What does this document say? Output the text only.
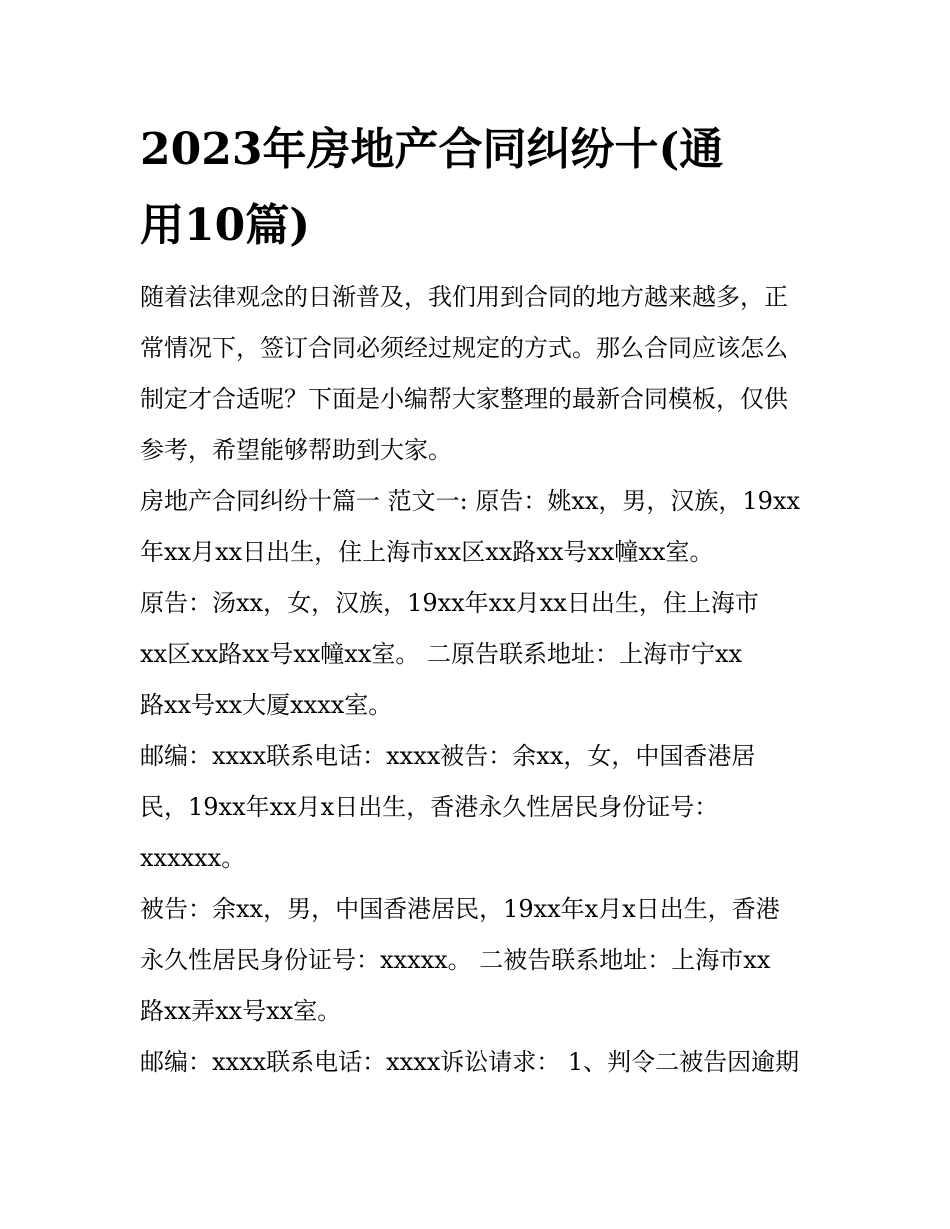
2023年房地产合同纠纷十(通
用10篇)
随着法律观念的日渐普及，我们用到合同的地方越来越多，正
常情况下，签订合同必须经过规定的方式。那么合同应该怎么
制定才合适呢？下面是小编帮大家整理的最新合同模板，仅供
参考，希望能够帮助到大家。
房地产合同纠纷十篇一 范文一: 原告：姚xx，男，汉族，19xx
年xx月xx日出生，住上海市xx区xx路xx号xx幢xx室。
原告：汤xx，女，汉族，19xx年xx月xx日出生，住上海市
xx区xx路xx号xx幢xx室。 二原告联系地址：上海市宁xx
路xx号xx大厦xxxx室。
邮编：xxxx联系电话：xxxx被告：余xx，女，中国香港居
民，19xx年xx月x日出生，香港永久性居民身份证号：
xxxxxx。
被告：余xx，男，中国香港居民，19xx年x月x日出生，香港
永久性居民身份证号：xxxxx。 二被告联系地址：上海市xx
路xx弄xx号xx室。
邮编：xxxx联系电话：xxxx诉讼请求： 1、判令二被告因逾期
